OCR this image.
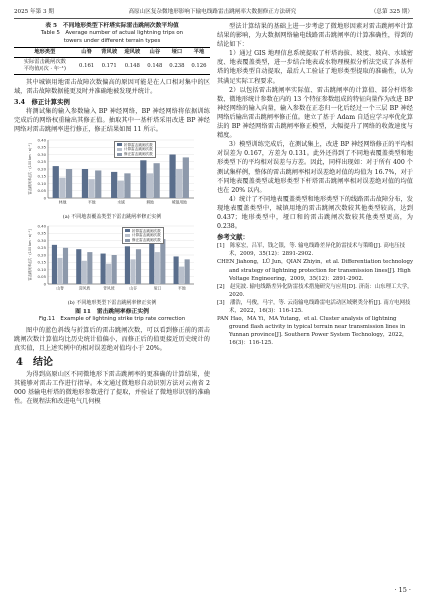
2025 年第 3 期	高原山区复杂微地形影响下输电线路雷击跳闸率大数据修正方法研究	（总第 325 期）
表 5　不同地形类型下杆塔实际雷击跳闸次数平均值
Table 5　Average number of actual lightning trips on
towers under different terrain types
地形类型	山脊	背风坡	迎风坡	山谷	垭口	平地
实际雷击跳闸次数
平均值/(次 · 年⁻¹)	0.161	0.171	0.148	0.148	0.238	0.126

其中城镇用地雷击故障次数偏高的原因可能是在人口相对集中的区域，雷击故障数据能更及时并准确地被发现并统计。

3.4　修正计算实例

将测试集的输入参数输入 BP 神经网络，BP 神经网络将依据训练完成后的网络权重输出其修正值。抽取其中一基杆塔采用改进 BP 神经网络对雷击跳闸率进行修正，修正结果如图 11 所示。

0
0.05
0.10
0.15
0.20
0.25
0.30
0.35
0.40
雷击跳闸率/[次 · (100 km · a)⁻¹]
林地	平地	水域	耕地	城镇用地
折算雷击跳闸次数
计算雷击跳闸次数
修正雷击跳闸次数
(a) 不同地表覆盖类型下雷击跳闸率修正实例
0
0.05
0.10
0.15
0.20
0.25
0.30
0.35
0.40
雷击跳闸率/[次 · (100 km · a)⁻¹]
山脊	迎风坡	背风坡	山谷	垭口	平地
折算雷击跳闸次数
计算雷击跳闸次数
修正雷击跳闸次数
(b) 不同地形类型下雷击跳闸率修正实例
图 11　雷击跳闸率修正实例
Fig.11　Example of lightning strike trip rate correction

图中的蓝色斜线与折算后的雷击跳闸次数，可以看到修正前的雷击跳闸次数计算值均比历史统计值偏小，而修正后的值更接近历史统计的真实值，且上述实例中的相对误差绝对值均小于 20%。

4　结论

为得到高原山区不同微地形下雷击跳闸率的更准确的计算结果，使其能够对雷击工作进行指导。本文通过微地形自动识别方法对云南省 2 000 基输电杆塔的微地形参数进行了提取，并验证了微地形识别的准确性。在规程法和改进电气几何模

型法计算结果的基础上进一步考虑了微地形因素对雷击跳闸率计算结果的影响，为大数据网络输电线路雷击跳闸率的计算准确性，得到的结论如下：

1）通过 GIS 地理信息系统提取了杆塔海拔、坡度、坡向、水域密度、地表覆盖类型，进一步结合地表或水物理模拟分析法完成了各基杆塔的地形类型自动提取，最后人工验证了地形类型提取的准确性，认为其满足实际工程要求。

2）以包括雷击跳闸率实际值、雷击跳闸率的计算值、部分杆塔参数、微地形统计参数在内的 13 个特征参数组成的特征向量作为改进 BP 神经网络的输入向量，输入参数在正态归一化后经过一个三层 BP 神经网络后输出雷击跳闸率修正值。建立了基于 Adam 自适应学习率优化算法的 BP 神经网络雷击跳闸率修正模型，大幅提升了网络的收敛速度与精度。

3）模型训练完成后，在测试集上，改进 BP 神经网络修正的平均相对误差为 0.167，方差为 0.131。此外还得到了不同地表覆盖类型和地形类型下的平均相对误差与方差。因此，同样出现如：对于所有 400 个测试集样例，整体的雷击跳闸率相对误差绝对值的均值为 16.7%，对于不同地表覆盖类型或地形类型下杆塔雷击跳闸率相对误差绝对值的均值也在 20% 以内。

4）统计了不同地表覆盖类型和地形类型下的线路雷击故障分布，发现地表覆盖类型中，城镇用地的雷击跳闸次数较其他类型较高，达到 0.437；地形类型中，垭口和的雷击跳闸次数较其他类型更高，为 0.238。

参考文献：
[1]　陈家宏，吕军，钱之银，等. 输电线路差异化防雷技术与策略[J]. 高电压技术，2009，35(12)：2891-2902.
CHEN Jiahong，LÜ Jun，QIAN Zhiyin，et al. Differentiation technology and strategy of lightning protection for transmission lines[J]. High Voltage Engineering，2009，35(12)：2891-2902.
[2]　赵宪波. 输电线路差异化防雷技术措施研究与应用[D]. 济南：山东理工大学，2020.
[3]　潘浩，马俊，马宇，等. 云南输电线路雷电活动区域聚类分析[J]. 南方电网技术，2022，16(3)：116-125.
PAN Hao，MA Yi，MA Yutang，et al. Cluster analysis of lightning ground flash activity in typical terrain near transmission lines in Yunnan province[J]. Southern Power System Technology，2022，16(3)：116-125.
· 15 ·
